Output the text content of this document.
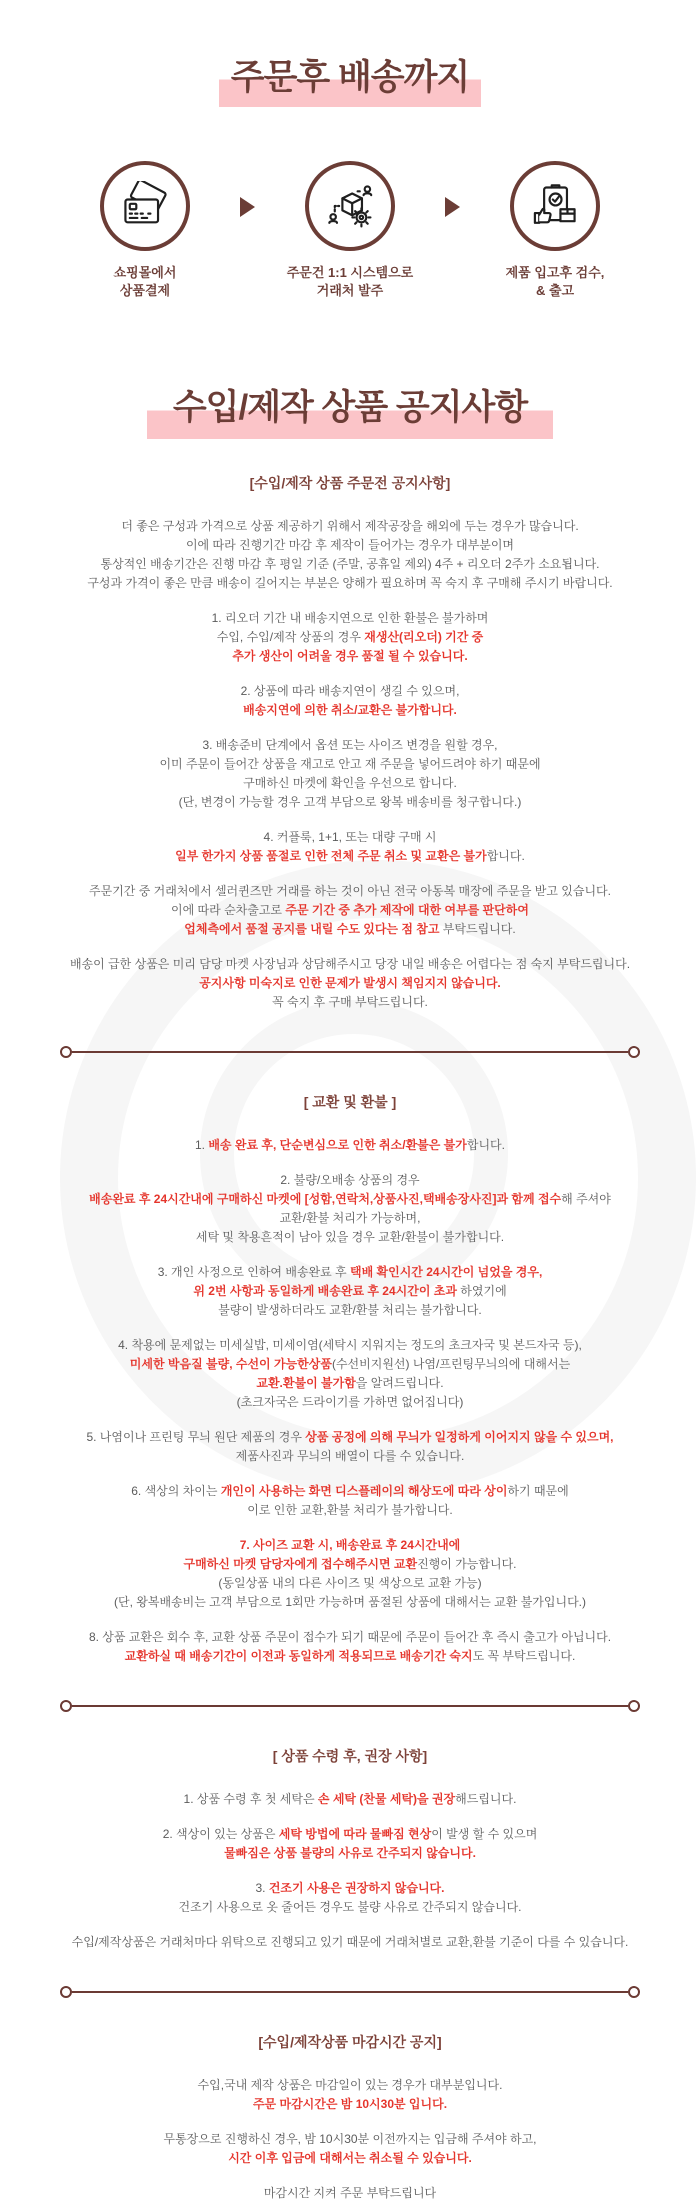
주문후 배송까지
쇼핑몰에서
상품결제
주문건 1:1 시스템으로
거래처 발주
제품 입고후 검수,
& 출고
수입/제작 상품 공지사항
[수입/제작 상품 주문전 공지사항]

더 좋은 구성과 가격으로 상품 제공하기 위해서 제작공장을 해외에 두는 경우가 많습니다.
이에 따라 진행기간 마감 후 제작이 들어가는 경우가 대부분이며
통상적인 배송기간은 진행 마감 후 평일 기준 (주말, 공휴일 제외) 4주 + 리오더 2주가 소요됩니다.
구성과 가격이 좋은 만큼 배송이 길어지는 부분은 양해가 필요하며 꼭 숙지 후 구매해 주시기 바랍니다.

1. 리오더 기간 내 배송지연으로 인한 환불은 불가하며
수입, 수입/제작 상품의 경우 재생산(리오더) 기간 중
추가 생산이 어려울 경우 품절 될 수 있습니다.

2. 상품에 따라 배송지연이 생길 수 있으며,
배송지연에 의한 취소/교환은 불가합니다.

3. 배송준비 단계에서 옵션 또는 사이즈 변경을 원할 경우,
이미 주문이 들어간 상품을 재고로 안고 재 주문을 넣어드려야 하기 때문에
구매하신 마켓에 확인을 우선으로 합니다.
(단, 변경이 가능할 경우 고객 부담으로 왕복 배송비를 청구합니다.)

4. 커플룩, 1+1, 또는 대량 구매 시
일부 한가지 상품 품절로 인한 전체 주문 취소 및 교환은 불가합니다.

주문기간 중 거래처에서 셀러퀸즈만 거래를 하는 것이 아닌 전국 아동복 매장에 주문을 받고 있습니다.
이에 따라 순차출고로 주문 기간 중 추가 제작에 대한 여부를 판단하여
업체측에서 품절 공지를 내릴 수도 있다는 점 참고 부탁드립니다.

배송이 급한 상품은 미리 담당 마켓 사장님과 상담해주시고 당장 내일 배송은 어렵다는 점 숙지 부탁드립니다.
공지사항 미숙지로 인한 문제가 발생시 책임지지 않습니다.
꼭 숙지 후 구매 부탁드립니다.

[ 교환 및 환불 ]

1. 배송 완료 후, 단순변심으로 인한 취소/환불은 불가합니다.

2. 불량/오배송 상품의 경우
배송완료 후 24시간내에 구매하신 마켓에 [성함,연락처,상품사진,택배송장사진]과 함께 접수해 주셔야
교환/환불 처리가 가능하며,
세탁 및 착용흔적이 남아 있을 경우 교환/환불이 불가합니다.

3. 개인 사정으로 인하여 배송완료 후 택배 확인시간 24시간이 넘었을 경우,
위 2번 사항과 동일하게 배송완료 후 24시간이 초과 하였기에
불량이 발생하더라도 교환/환불 처리는 불가합니다.

4. 착용에 문제없는 미세실밥, 미세이염(세탁시 지워지는 정도의 초크자국 및 본드자국 등),
미세한 박음질 불량, 수선이 가능한상품(수선비지원선) 나염/프린팅무늬의에 대해서는
교환.환불이 불가함을 알려드립니다.
(초크자국은 드라이기를 가하면 없어집니다)

5. 나염이나 프린팅 무늬 원단 제품의 경우 상품 공정에 의해 무늬가 일정하게 이어지지 않을 수 있으며,
제품사진과 무늬의 배열이 다를 수 있습니다.

6. 색상의 차이는 개인이 사용하는 화면 디스플레이의 해상도에 따라 상이하기 때문에
이로 인한 교환,환불 처리가 불가합니다.

7. 사이즈 교환 시, 배송완료 후 24시간내에
구매하신 마켓 담당자에게 접수해주시면 교환진행이 가능합니다.
(동일상품 내의 다른 사이즈 및 색상으로 교환 가능)
(단, 왕복배송비는 고객 부담으로 1회만 가능하며 품절된 상품에 대해서는 교환 불가입니다.)

8. 상품 교환은 회수 후, 교환 상품 주문이 접수가 되기 때문에 주문이 들어간 후 즉시 출고가 아닙니다.
교환하실 때 배송기간이 이전과 동일하게 적용되므로 배송기간 숙지도 꼭 부탁드립니다.

[ 상품 수령 후, 권장 사항]

1. 상품 수령 후 첫 세탁은 손 세탁 (찬물 세탁)을 권장해드립니다.

2. 색상이 있는 상품은 세탁 방법에 따라 물빠짐 현상이 발생 할 수 있으며
물빠짐은 상품 불량의 사유로 간주되지 않습니다.

3. 건조기 사용은 권장하지 않습니다.
건조기 사용으로 옷 줄어든 경우도 불량 사유로 간주되지 않습니다.

수입/제작상품은 거래처마다 위탁으로 진행되고 있기 때문에 거래처별로 교환,환불 기준이 다를 수 있습니다.

[수입/제작상품 마감시간 공지]

수입,국내 제작 상품은 마감일이 있는 경우가 대부분입니다.
주문 마감시간은 밤 10시30분 입니다.

무통장으로 진행하신 경우, 밤 10시30분 이전까지는 입금해 주셔야 하고,
시간 이후 입금에 대해서는 취소될 수 있습니다.

마감시간 지켜 주문 부탁드립니다
